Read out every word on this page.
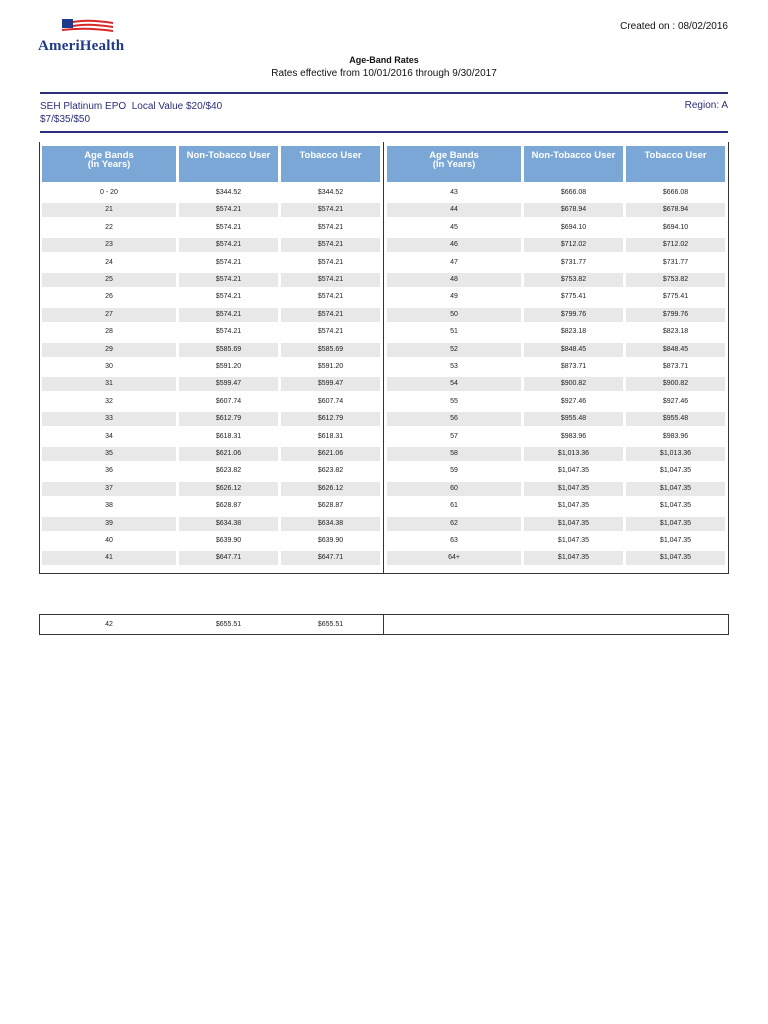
AmeriHealth
Created on : 08/02/2016
Age-Band Rates
Rates effective from 10/01/2016 through 9/30/2017
SEH Platinum EPO  Local Value $20/$40
$7/$35/$50
Region: A
Age Bands
(In Years)
Non-Tobacco User	Tobacco User	Age Bands
(In Years)
Non-Tobacco User	Tobacco User
0 - 20	$344.52	$344.52
21	$574.21	$574.21
22	$574.21	$574.21
23	$574.21	$574.21
24	$574.21	$574.21
25	$574.21	$574.21
26	$574.21	$574.21
27	$574.21	$574.21
28	$574.21	$574.21
29	$585.69	$585.69
30	$591.20	$591.20
31	$599.47	$599.47
32	$607.74	$607.74
33	$612.79	$612.79
34	$618.31	$618.31
35	$621.06	$621.06
36	$623.82	$623.82
37	$626.12	$626.12
38	$628.87	$628.87
39	$634.38	$634.38
40	$639.90	$639.90
41	$647.71	$647.71
43	$666.08	$666.08
44	$678.94	$678.94
45	$694.10	$694.10
46	$712.02	$712.02
47	$731.77	$731.77
48	$753.82	$753.82
49	$775.41	$775.41
50	$799.76	$799.76
51	$823.18	$823.18
52	$848.45	$848.45
53	$873.71	$873.71
54	$900.82	$900.82
55	$927.46	$927.46
56	$955.48	$955.48
57	$983.96	$983.96
58	$1,013.36	$1,013.36
59	$1,047.35	$1,047.35
60	$1,047.35	$1,047.35
61	$1,047.35	$1,047.35
62	$1,047.35	$1,047.35
63	$1,047.35	$1,047.35
64+	$1,047.35	$1,047.35
42	$655.51	$655.51
